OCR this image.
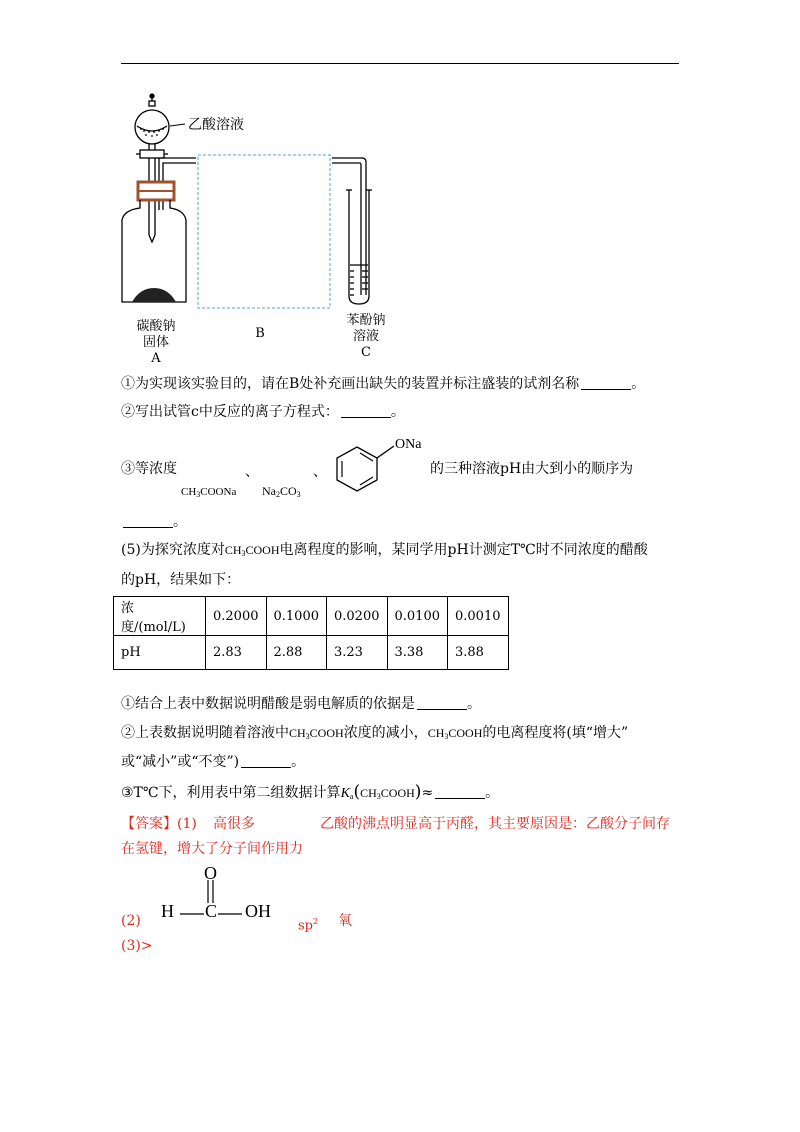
乙酸溶液
碳酸钠
固体
A
B
苯酚钠
溶液
C
①为实现该实验目的，请在B处补充画出缺失的装置并标注盛装的试剂名称	。
②写出试管c中反应的离子方程式：	。
③等浓度	、	、
$CH_3COONa$ $Na_2CO_3$
ONa
的三种溶液pH由大到小的顺序为
。
(5)为探究浓度对$CH_3COOH$电离程度的影响，某同学用pH计测定T℃时不同浓度的醋酸
的pH，结果如下：
浓度/(mol/L)	0.2000	0.1000	0.0200	0.0100	0.0010
pH	2.83	2.88	3.23	3.38	3.88
①结合上表中数据说明醋酸是弱电解质的依据是	。
②上表数据说明随着溶液中$CH_3COOH$浓度的减小，$CH_3COOH$的电离程度将(填“增大”
或“减小”或“不变”)	。
③T℃下，利用表中第二组数据计算$K_a(CH_3COOH)\approx$	。
【答案】(1) 高很多	乙酸的沸点明显高于丙醛，其主要原因是：乙酸分子间存
在氢键，增大了分子间作用力
(2) H C OH
O
$sp^2$ 氧
(3)>
